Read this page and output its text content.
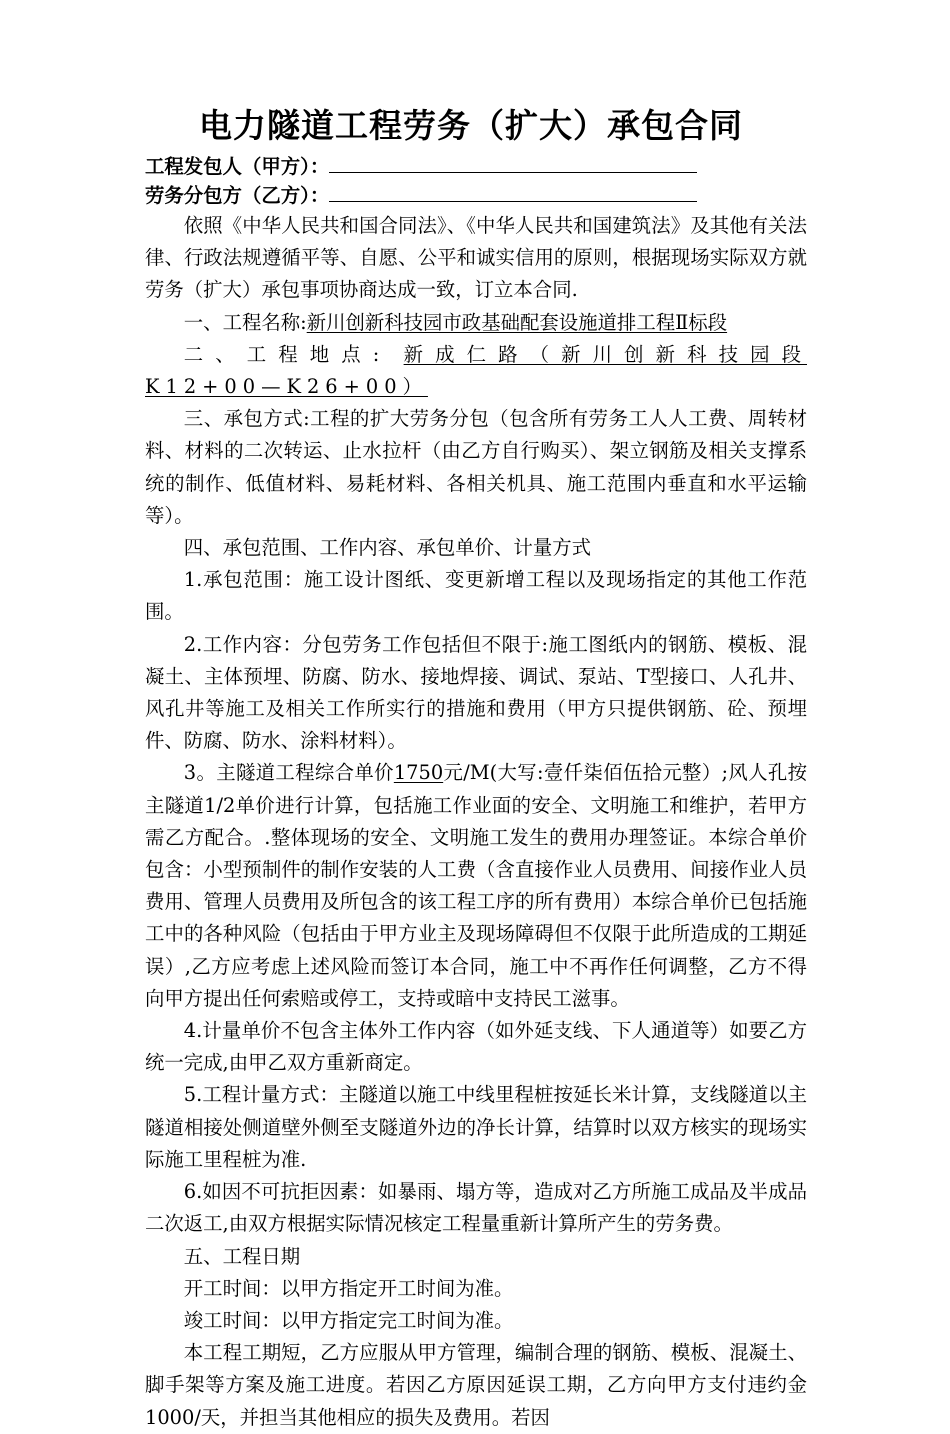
电力隧道工程劳务（扩大）承包合同
工程发包人（甲方）：
劳务分包方（乙方）：

依照《中华人民共和国合同法》、《中华人民共和国建筑法》及其他有关法律、行政法规遵循平等、自愿、公平和诚实信用的原则，根据现场实际双方就劳务（扩大）承包事项协商达成一致，订立本合同.

一、工程名称:新川创新科技园市政基础配套设施道排工程Ⅱ标段

二、工程地点: 新成仁路（新川创新科技园段K12+00—K26+00）

三、承包方式:工程的扩大劳务分包（包含所有劳务工人人工费、周转材料、材料的二次转运、止水拉杆（由乙方自行购买）、架立钢筋及相关支撑系统的制作、低值材料、易耗材料、各相关机具、施工范围内垂直和水平运输等）。

四、承包范围、工作内容、承包单价、计量方式

1.承包范围：施工设计图纸、变更新增工程以及现场指定的其他工作范围。

2.工作内容：分包劳务工作包括但不限于:施工图纸内的钢筋、模板、混凝土、主体预埋、防腐、防水、接地焊接、调试、泵站、T型接口、人孔井、风孔井等施工及相关工作所实行的措施和费用（甲方只提供钢筋、砼、预埋件、防腐、防水、涂料材料）。

3。主隧道工程综合单价1750元/M(大写:壹仟柒佰伍拾元整）;风人孔按主隧道1/2单价进行计算，包括施工作业面的安全、文明施工和维护，若甲方需乙方配合。.整体现场的安全、文明施工发生的费用办理签证。本综合单价包含：小型预制件的制作安装的人工费（含直接作业人员费用、间接作业人员费用、管理人员费用及所包含的该工程工序的所有费用）本综合单价已包括施工中的各种风险（包括由于甲方业主及现场障碍但不仅限于此所造成的工期延误）,乙方应考虑上述风险而签订本合同，施工中不再作任何调整，乙方不得向甲方提出任何索赔或停工，支持或暗中支持民工滋事。

4.计量单价不包含主体外工作内容（如外延支线、下人通道等）如要乙方统一完成,由甲乙双方重新商定。

5.工程计量方式：主隧道以施工中线里程桩按延长米计算，支线隧道以主隧道相接处侧道壁外侧至支隧道外边的净长计算，结算时以双方核实的现场实际施工里程桩为准.

6.如因不可抗拒因素：如暴雨、塌方等，造成对乙方所施工成品及半成品二次返工,由双方根据实际情况核定工程量重新计算所产生的劳务费。

五、工程日期

开工时间：以甲方指定开工时间为准。

竣工时间：以甲方指定完工时间为准。

本工程工期短，乙方应服从甲方管理，编制合理的钢筋、模板、混凝土、脚手架等方案及施工进度。若因乙方原因延误工期，乙方向甲方支付违约金1000/天，并担当其他相应的损失及费用。若因
